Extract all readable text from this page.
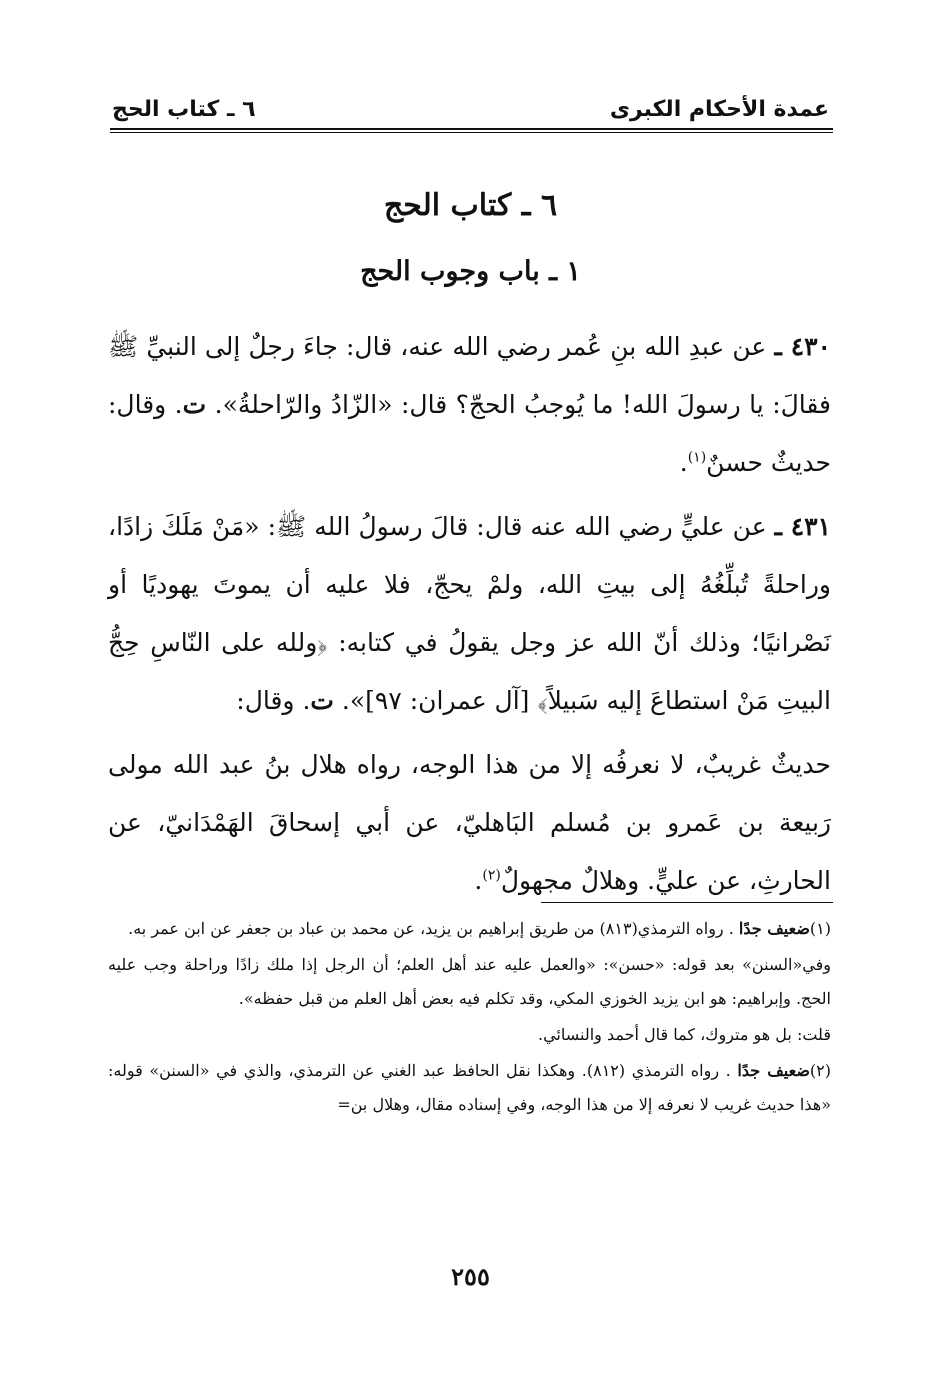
عمدة الأحكام الكبرى
٦ ـ كتاب الحج
٦ ـ كتاب الحج
١ ـ باب وجوب الحج

٤٣٠ ـ عن عبدِ الله بنِ عُمر رضي الله عنه، قال: جاءَ رجلٌ إلى النبيِّ ﷺ فقالَ: يا رسولَ الله! ما يُوجبُ الحجّ؟ قال: «الزّادُ والرّاحلةُ». ت. وقال: حديثٌ حسنٌ$^{(١)}$.

٤٣١ ـ عن عليٍّ رضي الله عنه قال: قالَ رسولُ الله ﷺ: «مَنْ مَلَكَ زادًا، وراحلةً تُبلِّغُهُ إلى بيتِ الله، ولمْ يحجّ، فلا عليه أن يموتَ يهوديًا أو نَصْرانيًا؛ وذلك أنّ الله عز وجل يقولُ في كتابه: ﴿ولله على النّاسِ حِجُّ البيتِ مَنْ استطاعَ إليه سَبيلاً﴾ [آل عمران: ٩٧]». ت. وقال:

حديثٌ غريبٌ، لا نعرفُه إلا من هذا الوجه، رواه هلال بنُ عبد الله مولى رَبيعة بن عَمرو بن مُسلم البَاهليّ، عن أبي إسحاقَ الهَمْدَانيّ، عن الحارثِ، عن عليٍّ. وهلالٌ مجهولٌ$^{(٢)}$.

(١)ضعيف جدًا . رواه الترمذي(٨١٣) من طريق إبراهيم بن يزيد، عن محمد بن عباد بن جعفر عن ابن عمر به.

وفي«السنن» بعد قوله: «حسن»: «والعمل عليه عند أهل العلم؛ أن الرجل إذا ملك زادًا وراحلة وجب عليه الحج. وإبراهيم: هو ابن يزيد الخوزي المكي، وقد تكلم فيه بعض أهل العلم من قبل حفظه».

قلت: بل هو متروك، كما قال أحمد والنسائي.

(٢)ضعيف جدًا . رواه الترمذي (٨١٢). وهكذا نقل الحافظ عبد الغني عن الترمذي، والذي في «السنن» قوله: «هذا حديث غريب لا نعرفه إلا من هذا الوجه، وفي إسناده مقال، وهلال بن=

٢٥٥
